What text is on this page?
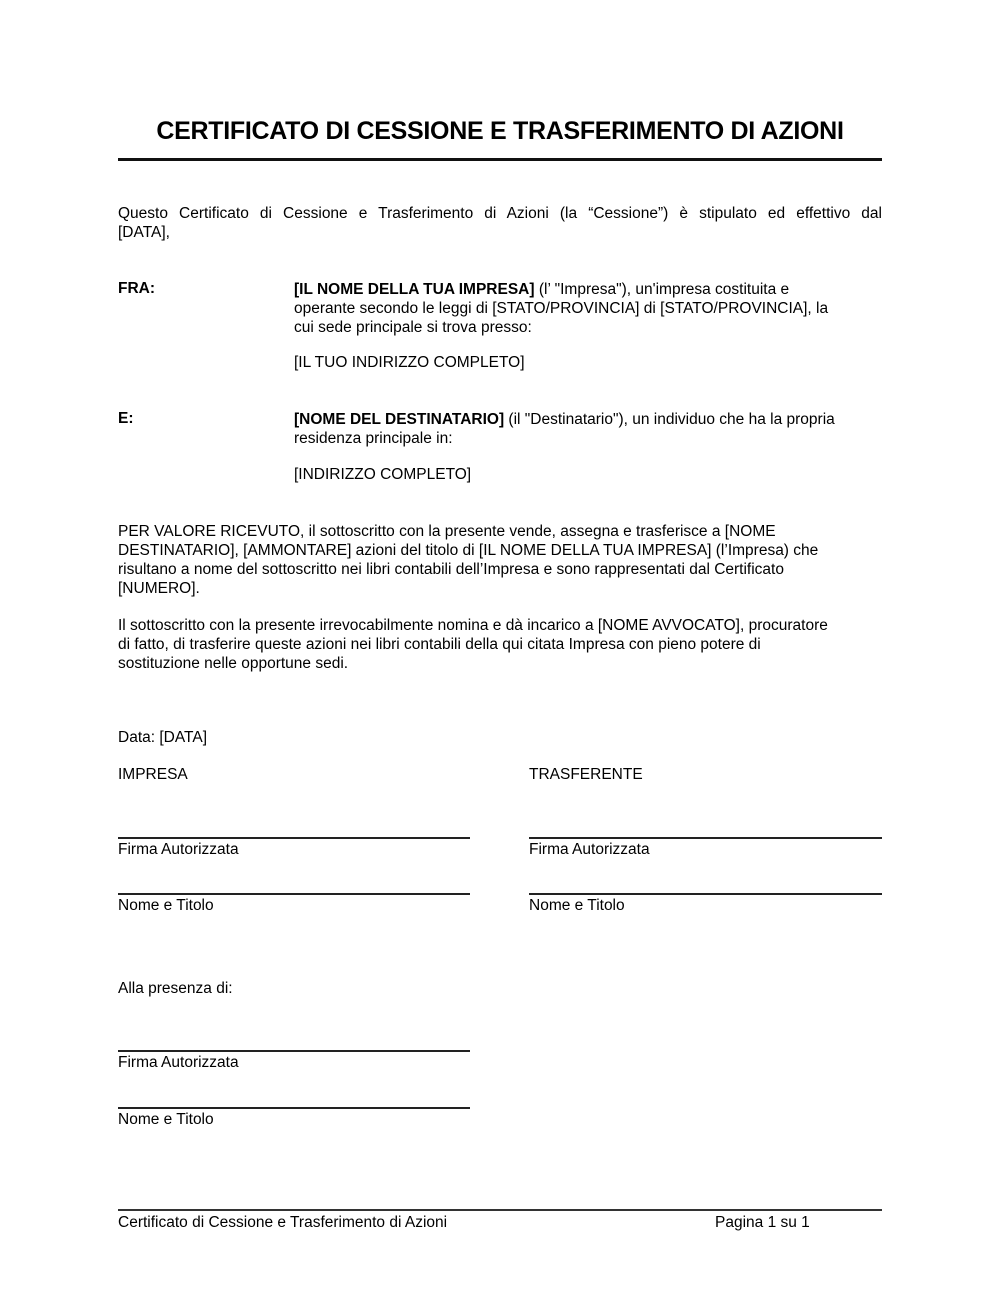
CERTIFICATO DI CESSIONE E TRASFERIMENTO DI AZIONI
Questo Certificato di Cessione e Trasferimento di Azioni (la “Cessione”) è stipulato ed effettivo dal
[DATA],
FRA:	[IL NOME DELLA TUA IMPRESA] (l’ "Impresa"), un'impresa costituita e
operante secondo le leggi di [STATO/PROVINCIA] di [STATO/PROVINCIA], la
cui sede principale si trova presso:
[IL TUO INDIRIZZO COMPLETO]
E:	[NOME DEL DESTINATARIO] (il "Destinatario"), un individuo che ha la propria
residenza principale in:
[INDIRIZZO COMPLETO]
PER VALORE RICEVUTO, il sottoscritto con la presente vende, assegna e trasferisce a [NOME
DESTINATARIO], [AMMONTARE] azioni del titolo di [IL NOME DELLA TUA IMPRESA] (l’Impresa) che
risultano a nome del sottoscritto nei libri contabili dell’Impresa e sono rappresentati dal Certificato
[NUMERO].
Il sottoscritto con la presente irrevocabilmente nomina e dà incarico a [NOME AVVOCATO], procuratore
di fatto, di trasferire queste azioni nei libri contabili della qui citata Impresa con pieno potere di
sostituzione nelle opportune sedi.
Data: [DATA]
IMPRESA
Firma Autorizzata
Nome e Titolo
TRASFERENTE
Firma Autorizzata
Nome e Titolo
Alla presenza di:
Firma Autorizzata
Nome e Titolo
Certificato di Cessione e Trasferimento di Azioni	Pagina 1 su 1
